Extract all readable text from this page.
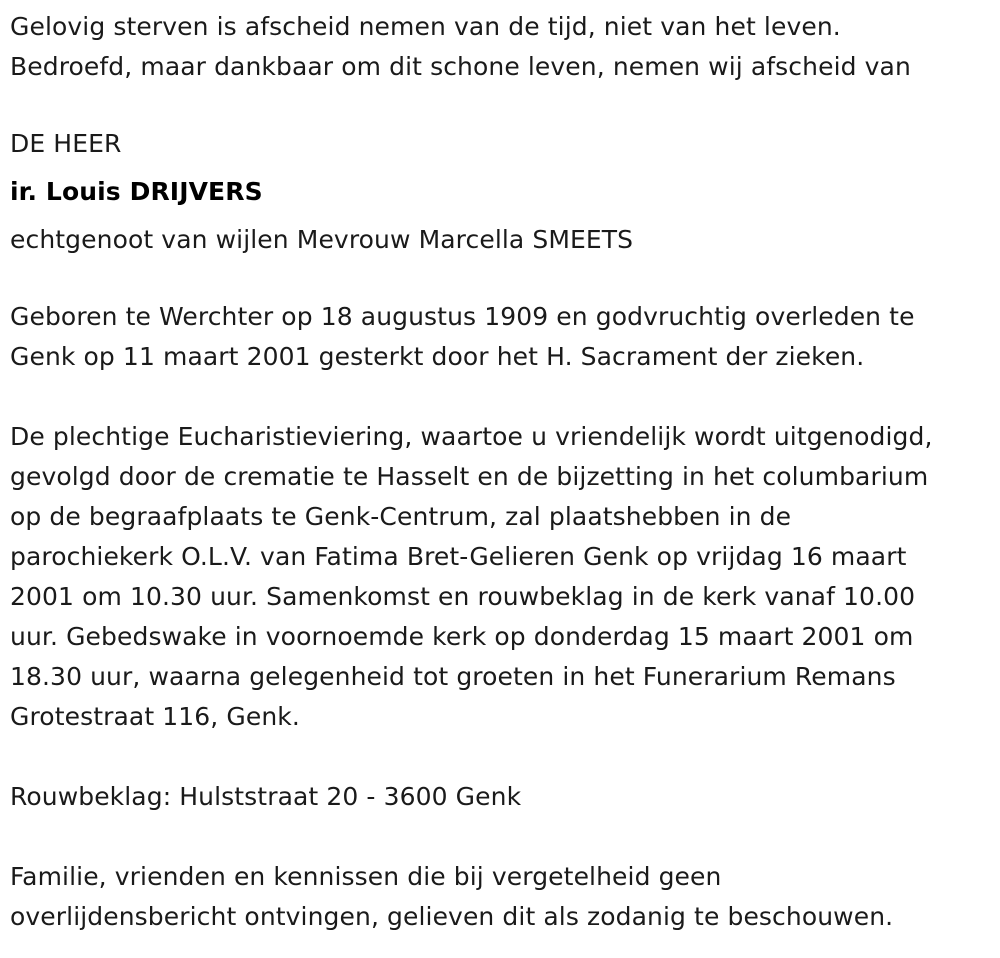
Gelovig sterven is afscheid nemen van de tijd, niet van het leven.
Bedroefd, maar dankbaar om dit schone leven, nemen wij afscheid van
DE HEER
ir. Louis DRIJVERS
echtgenoot van wijlen Mevrouw Marcella SMEETS
Geboren te Werchter op 18 augustus 1909 en godvruchtig overleden te
Genk op 11 maart 2001 gesterkt door het H. Sacrament der zieken.
De plechtige Eucharistieviering, waartoe u vriendelijk wordt uitgenodigd,
gevolgd door de crematie te Hasselt en de bijzetting in het columbarium
op de begraafplaats te Genk-Centrum, zal plaatshebben in de
parochiekerk O.L.V. van Fatima Bret-Gelieren Genk op vrijdag 16 maart
2001 om 10.30 uur. Samenkomst en rouwbeklag in de kerk vanaf 10.00
uur. Gebedswake in voornoemde kerk op donderdag 15 maart 2001 om
18.30 uur, waarna gelegenheid tot groeten in het Funerarium Remans
Grotestraat 116, Genk.
Rouwbeklag: Hulststraat 20 - 3600 Genk
Familie, vrienden en kennissen die bij vergetelheid geen
overlijdensbericht ontvingen, gelieven dit als zodanig te beschouwen.
